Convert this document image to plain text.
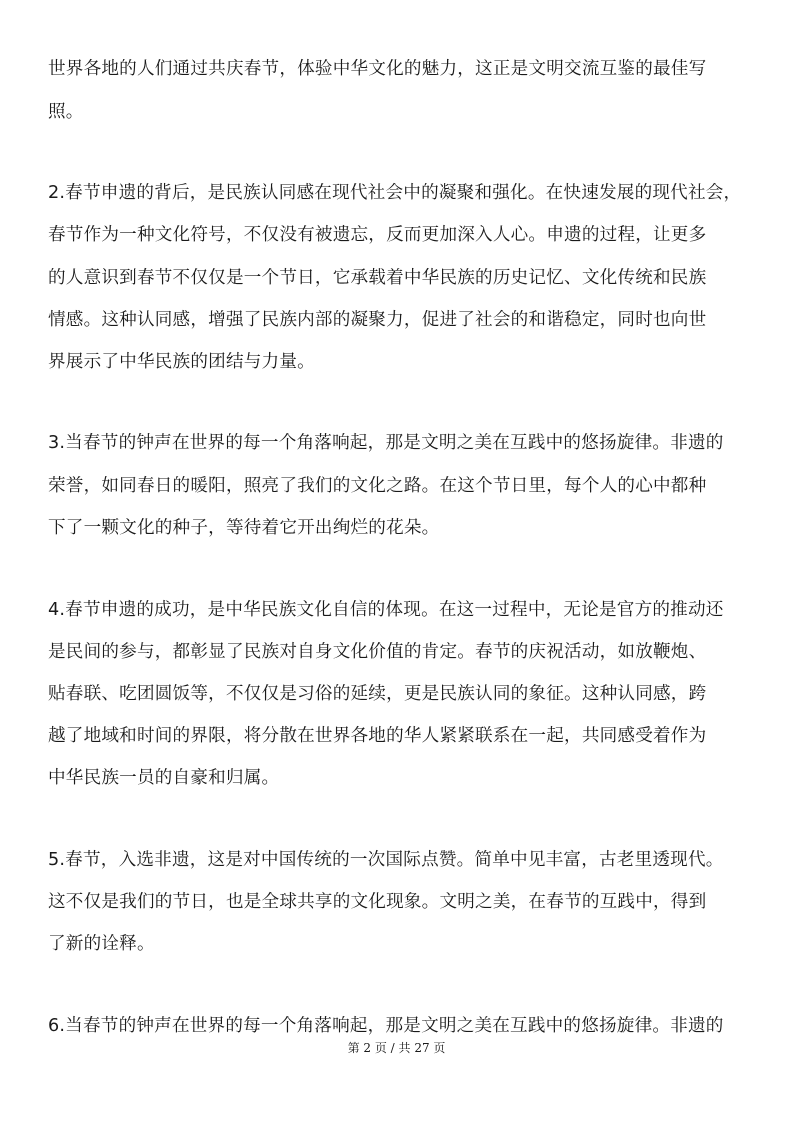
世界各地的人们通过共庆春节，体验中华文化的魅力，这正是文明交流互鉴的最佳写
照。
2.春节申遗的背后，是民族认同感在现代社会中的凝聚和强化。在快速发展的现代社会，
春节作为一种文化符号，不仅没有被遗忘，反而更加深入人心。申遗的过程，让更多
的人意识到春节不仅仅是一个节日，它承载着中华民族的历史记忆、文化传统和民族
情感。这种认同感，增强了民族内部的凝聚力，促进了社会的和谐稳定，同时也向世
界展示了中华民族的团结与力量。
3.当春节的钟声在世界的每一个角落响起，那是文明之美在互践中的悠扬旋律。非遗的
荣誉，如同春日的暖阳，照亮了我们的文化之路。在这个节日里，每个人的心中都种
下了一颗文化的种子，等待着它开出绚烂的花朵。
4.春节申遗的成功，是中华民族文化自信的体现。在这一过程中，无论是官方的推动还
是民间的参与，都彰显了民族对自身文化价值的肯定。春节的庆祝活动，如放鞭炮、
贴春联、吃团圆饭等，不仅仅是习俗的延续，更是民族认同的象征。这种认同感，跨
越了地域和时间的界限，将分散在世界各地的华人紧紧联系在一起，共同感受着作为
中华民族一员的自豪和归属。
5.春节，入选非遗，这是对中国传统的一次国际点赞。简单中见丰富，古老里透现代。
这不仅是我们的节日，也是全球共享的文化现象。文明之美，在春节的互践中，得到
了新的诠释。
6.当春节的钟声在世界的每一个角落响起，那是文明之美在互践中的悠扬旋律。非遗的
第 2 页 / 共 27 页
